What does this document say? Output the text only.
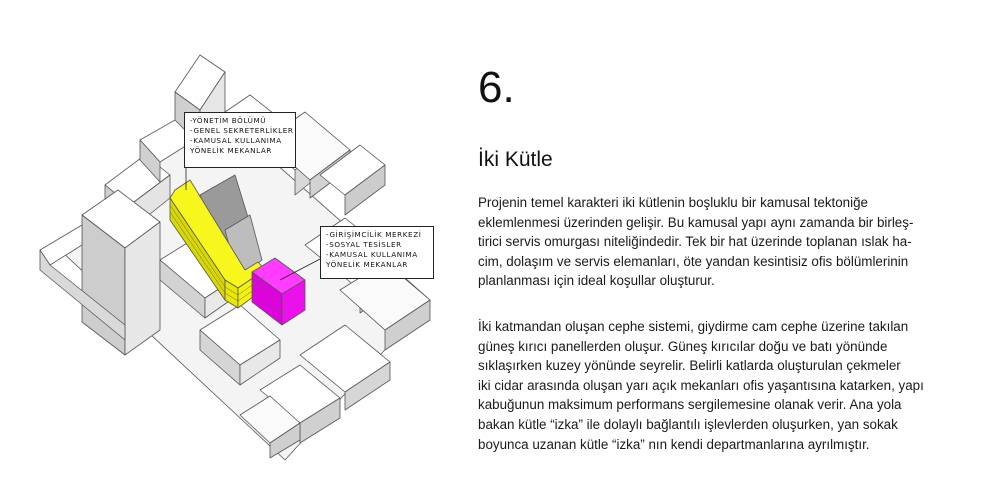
-YÖNETİM BÖLÜMÜ
-GENEL SEKRETERLİKLER
-KAMUSAL KULLANIMA
YÖNELİK MEKANLAR
-GİRİŞİMCİLİK MERKEZİ
-SOSYAL TESİSLER
-KAMUSAL KULLANIMA
YÖNELİK MEKANLAR
6.
İki Kütle

Projenin temel karakteri iki kütlenin boşluklu bir kamusal tektoniğe
eklemlenmesi üzerinden gelişir. Bu kamusal yapı aynı zamanda bir birleş-
tirici servis omurgası niteliğindedir. Tek bir hat üzerinde toplanan ıslak ha-
cim, dolaşım ve servis elemanları, öte yandan kesintisiz ofis bölümlerinin
planlanması için ideal koşullar oluşturur.

İki katmandan oluşan cephe sistemi, giydirme cam cephe üzerine takılan
güneş kırıcı panellerden oluşur. Güneş kırıcılar doğu ve batı yönünde
sıklaşırken kuzey yönünde seyrelir. Belirli katlarda oluşturulan çekmeler
iki cidar arasında oluşan yarı açık mekanları ofis yaşantısına katarken, yapı
kabuğunun maksimum performans sergilemesine olanak verir. Ana yola
bakan kütle “izka” ile dolaylı bağlantılı işlevlerden oluşurken, yan sokak
boyunca uzanan kütle “izka” nın kendi departmanlarına ayrılmıştır.
